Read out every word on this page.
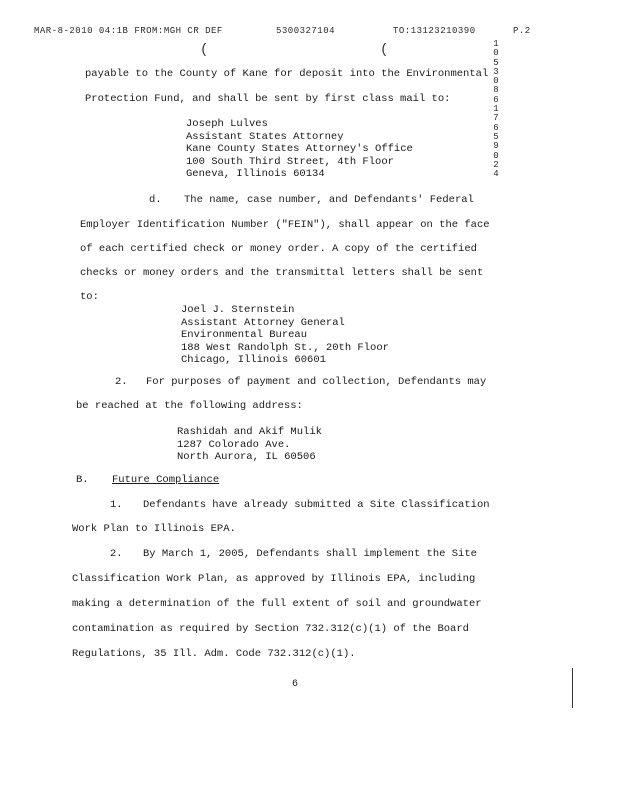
MAR-8-2010 04:1B FROM:MGH CR DEF	5300327104	TO:13123210390	P.2
(	(	1
0
5
3
0
8
6
1
7
6
5
9
0
2
4
payable to the County of Kane for deposit into the Environmental
Protection Fund, and shall be sent by first class mail to:
Joseph Lulves
Assistant States Attorney
Kane County States Attorney's Office
100 South Third Street, 4th Floor
Geneva, Illinois 60134
d. The name, case number, and Defendants' Federal
Employer Identification Number ("FEIN"), shall appear on the face
of each certified check or money order. A copy of the certified
checks or money orders and the transmittal letters shall be sent
to:
Joel J. Sternstein
Assistant Attorney General
Environmental Bureau
188 West Randolph St., 20th Floor
Chicago, Illinois 60601
2. For purposes of payment and collection, Defendants may
be reached at the following address:
Rashidah and Akif Mulik
1287 Colorado Ave.
North Aurora, IL 60506
B. Future Compliance
1. Defendants have already submitted a Site Classification
Work Plan to Illinois EPA.
2. By March 1, 2005, Defendants shall implement the Site
Classification Work Plan, as approved by Illinois EPA, including
making a determination of the full extent of soil and groundwater
contamination as required by Section 732.312(c)(1) of the Board
Regulations, 35 Ill. Adm. Code 732.312(c)(1).
6
